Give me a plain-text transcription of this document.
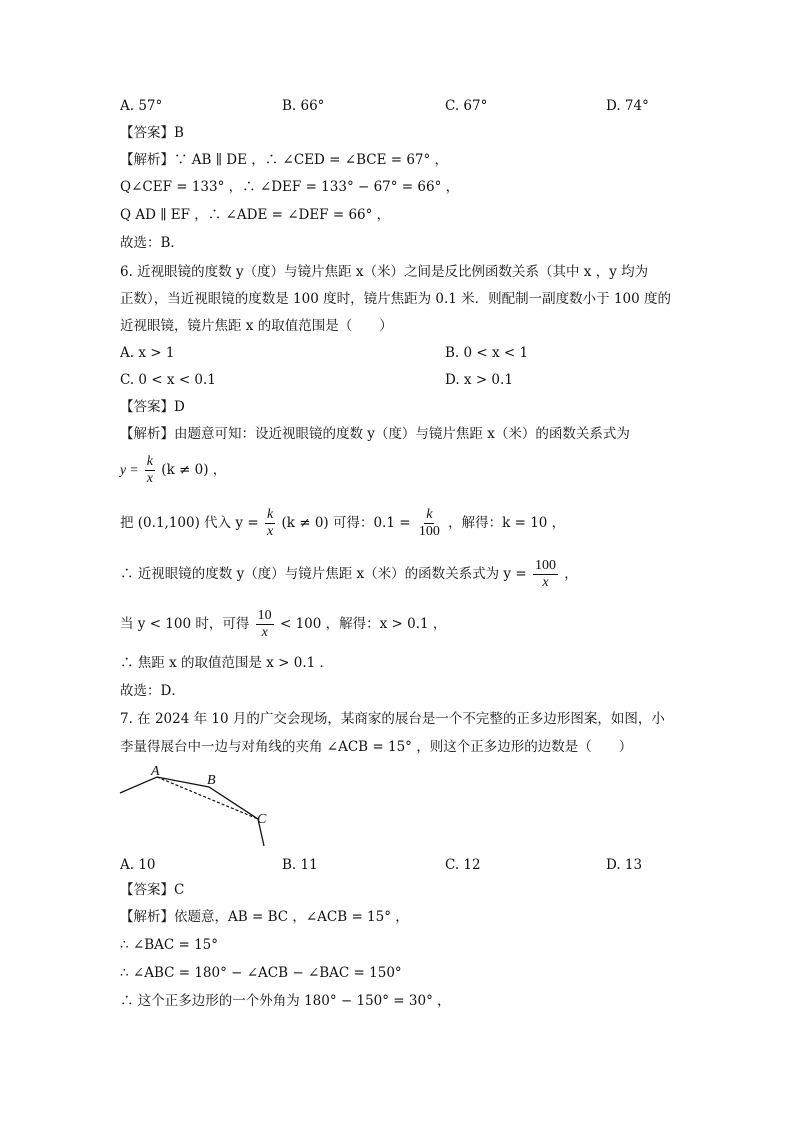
A. 57°	B. 66°	C. 67°	D. 74°
【答案】B
【解析】∵ AB ∥ DE ，∴ ∠CED = ∠BCE = 67° ，
Q∠CEF = 133° ，∴ ∠DEF = 133° − 67° = 66° ，
Q AD ∥ EF ，∴ ∠ADE = ∠DEF = 66° ，
故选：B．
6. 近视眼镜的度数 y（度）与镜片焦距 x（米）之间是反比例函数关系（其中 x ，y 均为
正数），当近视眼镜的度数是 100 度时，镜片焦距为 0.1 米．则配制一副度数小于 100 度的
近视眼镜，镜片焦距 x 的取值范围是（　　）
A. x > 1	B. 0 < x < 1
C. 0 < x < 0.1	D. x > 0.1
【答案】D
【解析】由题意可知：设近视眼镜的度数 y（度）与镜片焦距 x（米）的函数关系式为
$y = \frac{k}{x} (k \ne 0)$ ，
把 (0.1,100) 代入 $y = \frac{k}{x} (k \ne 0)$ 可得：$0.1 = \frac{k}{100}$ ，解得：k = 10 ，
∴ 近视眼镜的度数 y（度）与镜片焦距 x（米）的函数关系式为 $y = \frac{100}{x}$ ，
当 y < 100 时，可得 $\frac{10}{x} < 100$ ，解得：x > 0.1 ，
∴ 焦距 x 的取值范围是 x > 0.1 ．
故选：D．
7. 在 2024 年 10 月的广交会现场，某商家的展台是一个不完整的正多边形图案，如图，小
李量得展台中一边与对角线的夹角 ∠ACB = 15° ，则这个正多边形的边数是（　　）
A
B
C
A. 10	B. 11	C. 12	D. 13
【答案】C
【解析】依题意，AB = BC ，∠ACB = 15° ，
∴ ∠BAC = 15°
∴ ∠ABC = 180° − ∠ACB − ∠BAC = 150°
∴ 这个正多边形的一个外角为 180° − 150° = 30° ，
